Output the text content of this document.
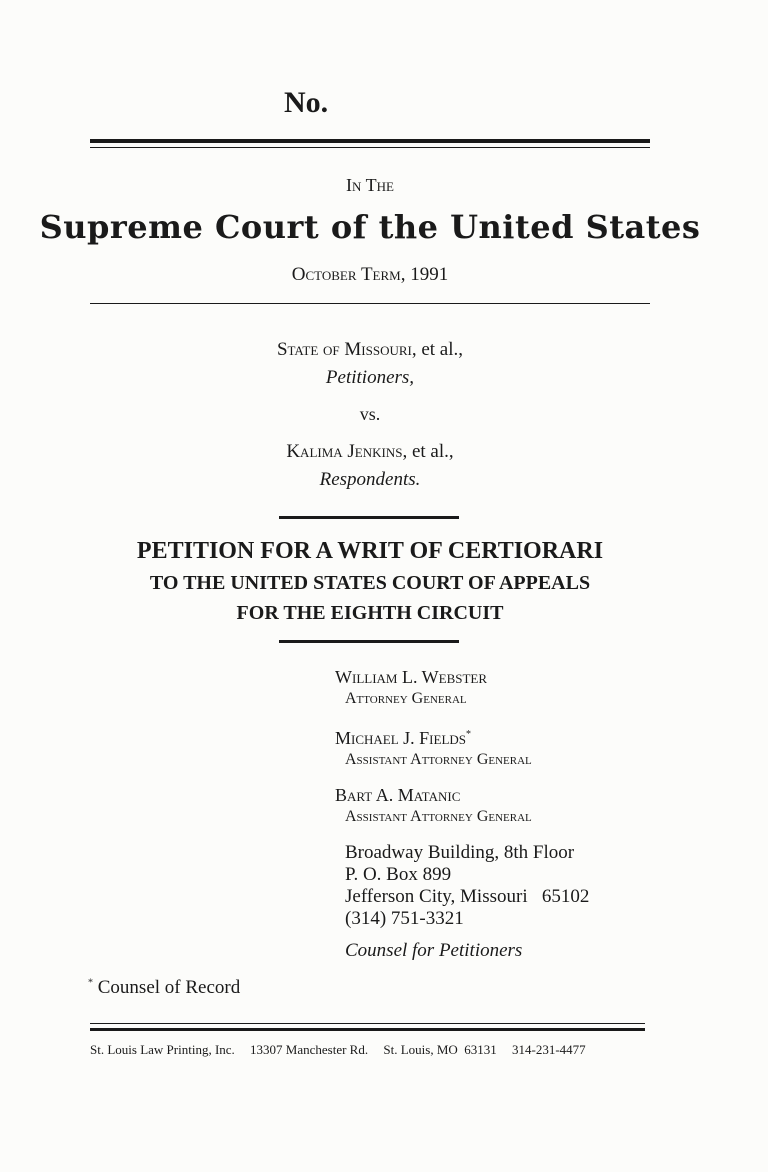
No.
In The
Supreme Court of the United States
October Term, 1991
State of Missouri, et al.,
Petitioners,
vs.
Kalima Jenkins, et al.,
Respondents.
PETITION FOR A WRIT OF CERTIORARI
TO THE UNITED STATES COURT OF APPEALS
FOR THE EIGHTH CIRCUIT
William L. Webster
Attorney General
Michael J. Fields*
Assistant Attorney General
Bart A. Matanic
Assistant Attorney General
Broadway Building, 8th Floor
P. O. Box 899
Jefferson City, Missouri   65102
(314) 751-3321
Counsel for Petitioners
* Counsel of Record
St. Louis Law Printing, Inc. 13307 Manchester Rd. St. Louis, MO  63131 314-231-4477
